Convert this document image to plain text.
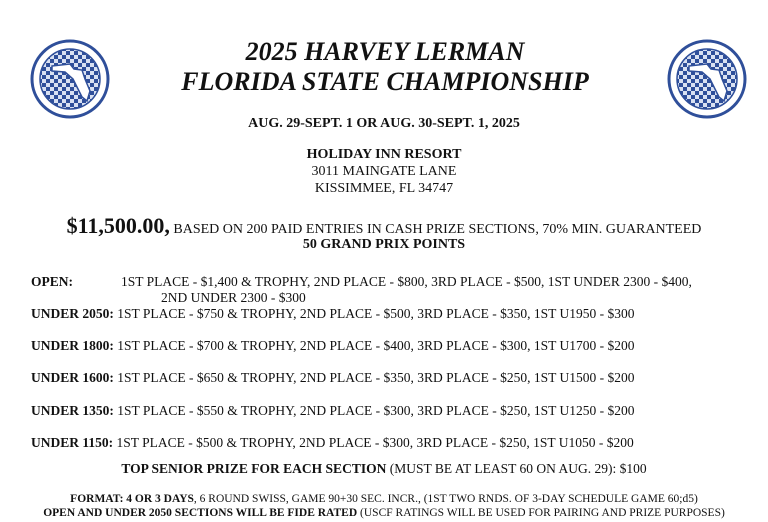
2025 HARVEY LERMAN
FLORIDA STATE CHAMPIONSHIP
AUG. 29-SEPT. 1 OR AUG. 30-SEPT. 1, 2025
HOLIDAY INN RESORT
3011 MAINGATE LANE
KISSIMMEE, FL 34747
$11,500.00, BASED ON 200 PAID ENTRIES IN CASH PRIZE SECTIONS, 70% MIN. GUARANTEED
50 GRAND PRIX POINTS
OPEN:	1ST PLACE - $1,400 & TROPHY, 2ND PLACE - $800, 3RD PLACE - $500, 1ST UNDER 2300 - $400,
2ND UNDER 2300 - $300
UNDER 2050: 1ST PLACE - $750 & TROPHY, 2ND PLACE - $500, 3RD PLACE - $350, 1ST U1950 - $300
UNDER 1800: 1ST PLACE - $700 & TROPHY, 2ND PLACE - $400, 3RD PLACE - $300, 1ST U1700 - $200
UNDER 1600: 1ST PLACE - $650 & TROPHY, 2ND PLACE - $350, 3RD PLACE - $250, 1ST U1500 - $200
UNDER 1350: 1ST PLACE - $550 & TROPHY, 2ND PLACE - $300, 3RD PLACE - $250, 1ST U1250 - $200
UNDER 1150: 1ST PLACE - $500 & TROPHY, 2ND PLACE - $300, 3RD PLACE - $250, 1ST U1050 - $200
TOP SENIOR PRIZE FOR EACH SECTION (MUST BE AT LEAST 60 ON AUG. 29): $100
FORMAT: 4 OR 3 DAYS, 6 ROUND SWISS, GAME 90+30 SEC. INCR., (1ST TWO RNDS. OF 3-DAY SCHEDULE GAME 60;d5)
OPEN AND UNDER 2050 SECTIONS WILL BE FIDE RATED (USCF RATINGS WILL BE USED FOR PAIRING AND PRIZE PURPOSES)
